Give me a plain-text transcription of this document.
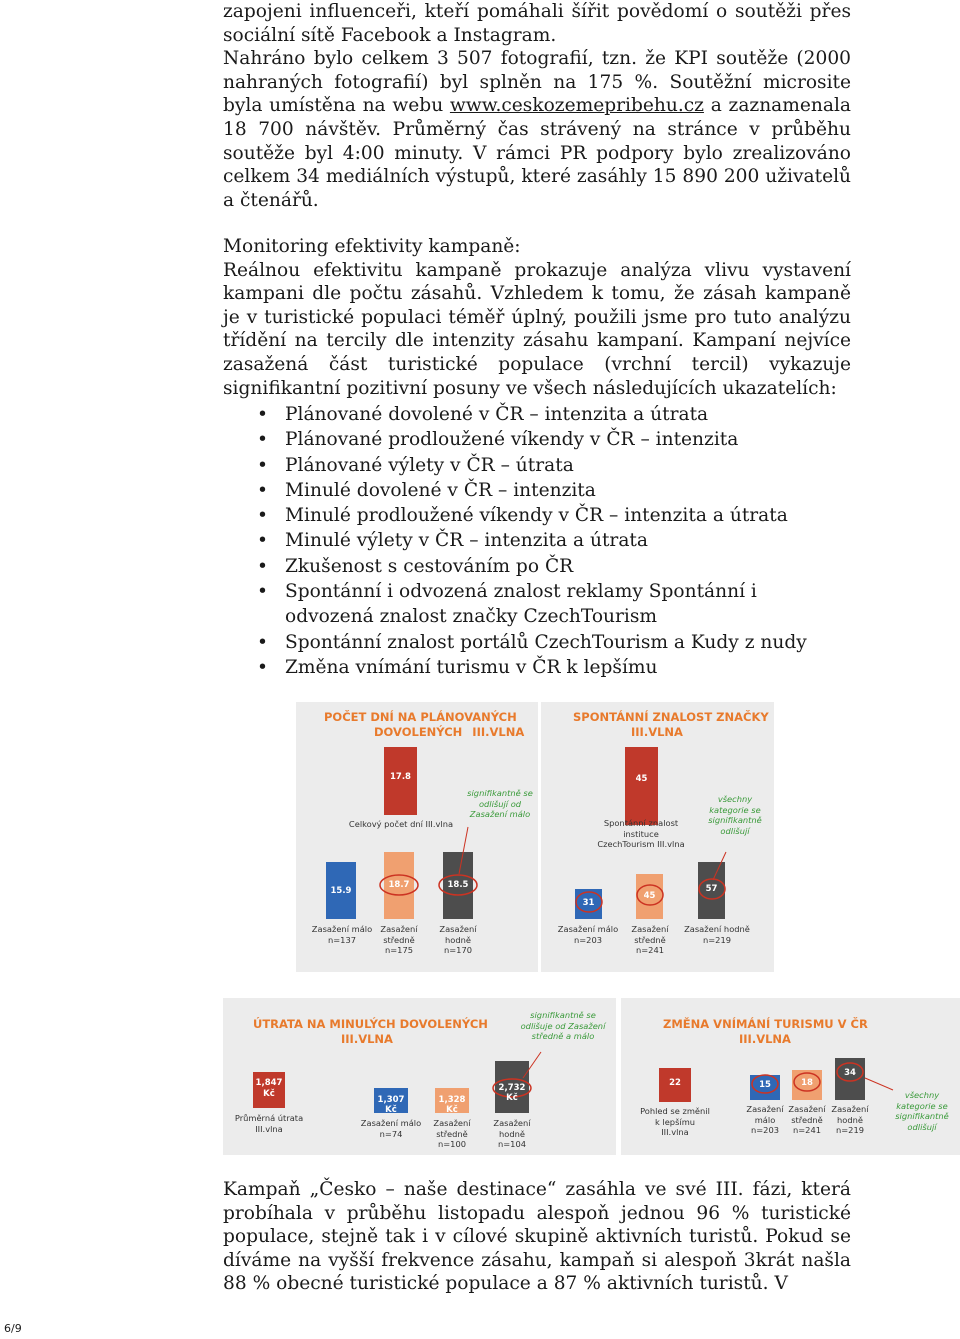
zapojeni influenceři, kteří pomáhali šířit povědomí o soutěži přes sociální sítě Facebook a Instagram.

Nahráno bylo celkem 3 507 fotografií, tzn. že KPI soutěže (2000 nahraných fotografií) byl splněn na 175 %. Soutěžní microsite byla umístěna na webu www.ceskozemepribehu.cz a zaznamenala 18 700 návštěv. Průměrný čas strávený na stránce v průběhu soutěže byl 4:00 minuty. V rámci PR podpory bylo zrealizováno celkem 34 mediálních výstupů, které zasáhly 15 890 200 uživatelů a čtenářů.

Monitoring efektivity kampaně:

Reálnou efektivitu kampaně prokazuje analýza vlivu vystavení kampani dle počtu zásahů. Vzhledem k tomu, že zásah kampaně je v turistické populaci téměř úplný, použili jsme pro tuto analýzu třídění na tercily dle intenzity zásahu kampaní. Kampaní nejvíce zasažená část turistické populace (vrchní tercil) vykazuje signifikantní pozitivní posuny ve všech následujících ukazatelích:

• Plánované dovolené v ČR – intenzita a útrata
• Plánované prodloužené víkendy v ČR – intenzita
• Plánované výlety v ČR – útrata
• Minulé dovolené v ČR – intenzita
• Minulé prodloužené víkendy v ČR – intenzita a útrata
• Minulé výlety v ČR – intenzita a útrata
• Zkušenost s cestováním po ČR
• Spontánní i odvozená znalost reklamy Spontánní i odvozená znalost značky CzechTourism
• Spontánní znalost portálů CzechTourism a Kudy z nudy
• Změna vnímání turismu v ČR k lepšímu
POČET DNÍ NA PLÁNOVANÝCH
DOVOLENÝCH III.VLNA
17.8
15.9
18.7	18.5
Celkový počet dní III.vlna
Zasažení málo
n=137
Zasažení
středně
n=175
Zasažení
hodně
n=170
signifikantně se
odlišují od
Zasažení málo
SPONTÁNNÍ ZNALOST ZNAČKY
III.VLNA
45
31
45
57
Spontánní znalost
instituce
CzechTourism III.vlna
Zasažení málo
n=203
Zasažení
středně
n=241
Zasažení hodně
n=219
všechny
kategorie se
signifikantně
odlišují
ÚTRATA NA MINULÝCH DOVOLENÝCH
III.VLNA
1,847
Kč
1,307 Kč
1,328 Kč
2,732 Kč
Průměrná útrata
III.vlna
Zasažení málo
n=74
Zasažení
středně
n=100
Zasažení
hodně
n=104
signifikantně se
odlišuje od Zasažení
středně a málo
ZMĚNA VNÍMÁNÍ TURISMU V ČR
III.VLNA
22	15	18
34
Pohled se změnil
k lepšímu
III.vlna
Zasažení
málo
n=203
Zasažení
středně
n=241
Zasažení
hodně
n=219
všechny
kategorie se
signifikantně
odlišují

Kampaň „Česko – naše destinace“ zasáhla ve své III. fázi, která probíhala v průběhu listopadu alespoň jednou 96 % turistické populace, stejně tak i v cílové skupině aktivních turistů. Pokud se díváme na vyšší frekvence zásahu, kampaň si alespoň 3krát našla 88 % obecné turistické populace a 87 % aktivních turistů. V

6/9
